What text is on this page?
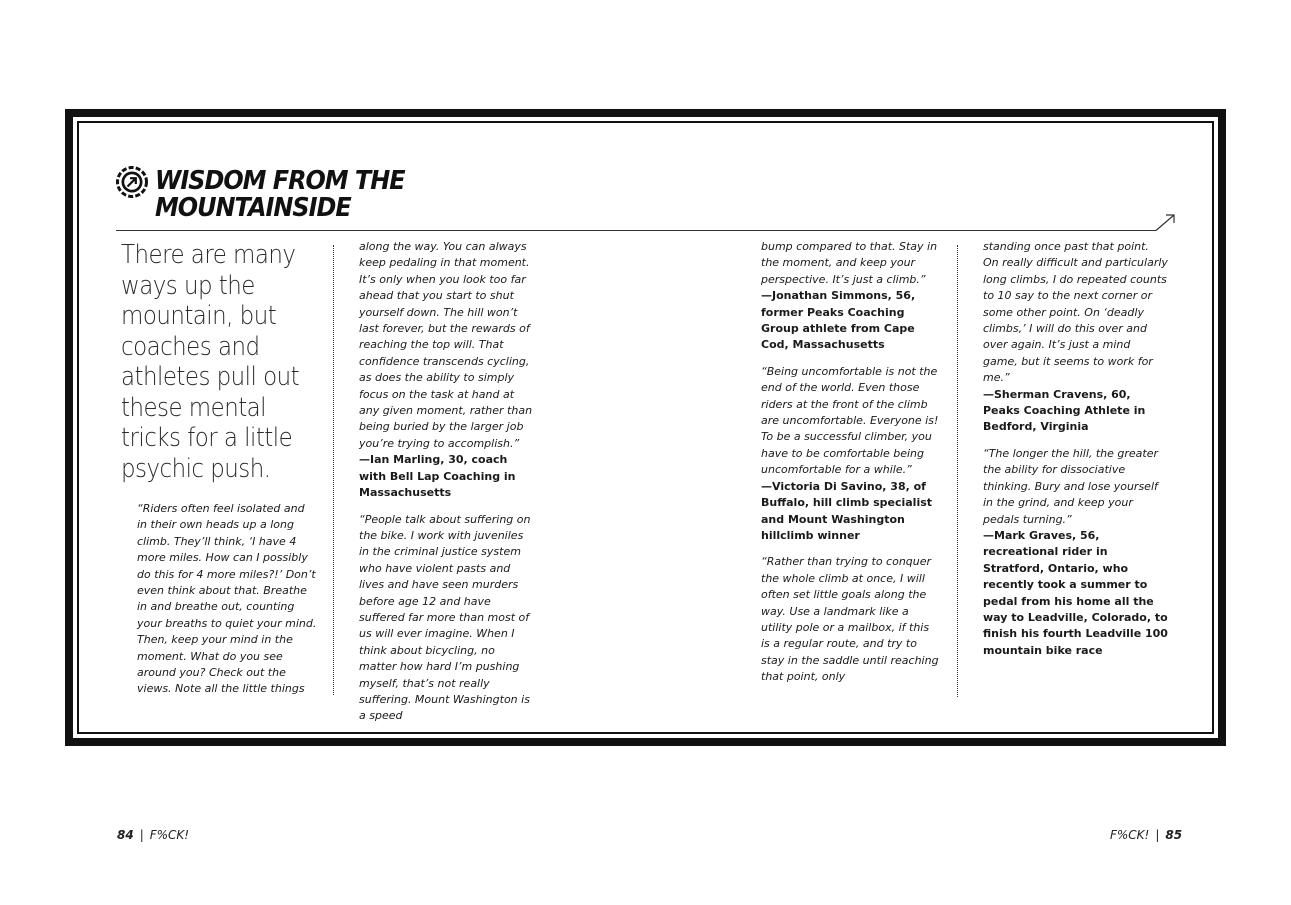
WISDOM FROM THE
MOUNTAINSIDE

There are many ways up the mountain, but coaches and athletes pull out these mental tricks for a little psychic push.

“Riders often feel isolated and in their own heads up a long climb. They’ll think, ‘I have 4 more miles. How can I possibly do this for 4 more miles?!’ Don’t even think about that. Breathe in and breathe out, counting your breaths to quiet your mind. Then, keep your mind in the moment. What do you see around you? Check out the views. Note all the little things

along the way. You can always keep pedaling in that moment. It’s only when you look too far ahead that you start to shut yourself down. The hill won’t last forever, but the rewards of reaching the top will. That confidence transcends cycling, as does the ability to simply focus on the task at hand at any given moment, rather than being buried by the larger job you’re trying to accomplish.”

—Ian Marling, 30, coach with Bell Lap Coaching in Massachusetts

“People talk about suffering on the bike. I work with juveniles in the criminal justice system who have violent pasts and lives and have seen murders before age 12 and have suffered far more than most of us will ever imagine. When I think about bicycling, no matter how hard I’m pushing myself, that’s not really suffering. Mount Washington is a speed

bump compared to that. Stay in the moment, and keep your perspective. It’s just a climb.”

—Jonathan Simmons, 56, former Peaks Coaching Group athlete from Cape Cod, Massachusetts

“Being uncomfortable is not the end of the world. Even those riders at the front of the climb are uncomfortable. Everyone is! To be a successful climber, you have to be comfortable being uncomfortable for a while.”

—Victoria Di Savino, 38, of Buffalo, hill climb specialist and Mount Washington hillclimb winner

“Rather than trying to conquer the whole climb at once, I will often set little goals along the way. Use a landmark like a utility pole or a mailbox, if this is a regular route, and try to stay in the saddle until reaching that point, only

standing once past that point. On really difficult and particularly long climbs, I do repeated counts to 10 say to the next corner or some other point. On ‘deadly climbs,’ I will do this over and over again. It’s just a mind game, but it seems to work for me.”

—Sherman Cravens, 60, Peaks Coaching Athlete in Bedford, Virginia

“The longer the hill, the greater the ability for dissociative thinking. Bury and lose yourself in the grind, and keep your pedals turning.”

—Mark Graves, 56, recreational rider in Stratford, Ontario, who recently took a summer to pedal from his home all the way to Leadville, Colorado, to finish his fourth Leadville 100 mountain bike race

84 | F%CK!	F%CK! | 85
